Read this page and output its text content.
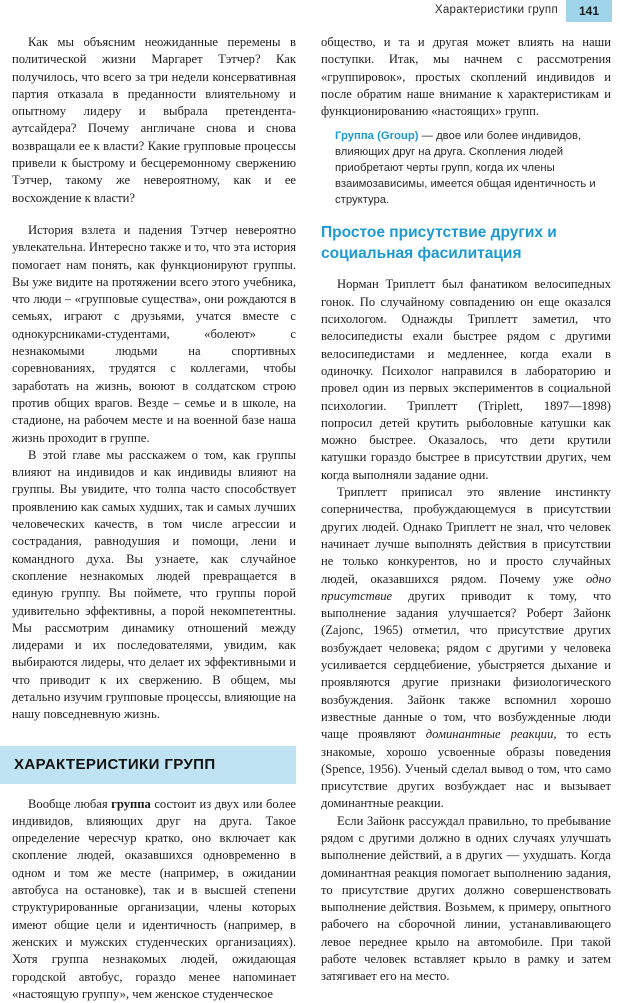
Характеристики групп	141

Как мы объясним неожиданные перемены в политической жизни Маргарет Тэтчер? Как получилось, что всего за три недели консервативная партия отказала в преданности влиятельному и опытному лидеру и выбрала претендента-аутсайдера? Почему англичане снова и снова возвращали ее к власти? Какие групповые процессы привели к быстрому и бесцеремонному свержению Тэтчер, такому же невероятному, как и ее восхождение к власти?

История взлета и падения Тэтчер невероятно увлекательна. Интересно также и то, что эта история помогает нам понять, как функционируют группы. Вы уже видите на протяжении всего этого учебника, что люди – «групповые существа», они рождаются в семьях, играют с друзьями, учатся вместе с однокурсниками-студентами, «болеют» с незнакомыми людьми на спортивных соревнованиях, трудятся с коллегами, чтобы заработать на жизнь, воюют в солдатском строю против общих врагов. Везде – семье и в школе, на стадионе, на рабочем месте и на военной базе наша жизнь проходит в группе.

В этой главе мы расскажем о том, как группы влияют на индивидов и как индивиды влияют на группы. Вы увидите, что толпа часто способствует проявлению как самых худших, так и самых лучших человеческих качеств, в том числе агрессии и сострадания, равнодушия и помощи, лени и командного духа. Вы узнаете, как случайное скопление незнакомых людей превращается в единую группу. Вы поймете, что группы порой удивительно эффективны, а порой некомпетентны. Мы рассмотрим динамику отношений между лидерами и их последователями, увидим, как выбираются лидеры, что делает их эффективными и что приводит к их свержению. В общем, мы детально изучим групповые процессы, влияющие на нашу повседневную жизнь.

ХАРАКТЕРИСТИКИ ГРУПП

Вообще любая группа состоит из двух или более индивидов, влияющих друг на друга. Такое определение чересчур кратко, оно включает как скопление людей, оказавшихся одновременно в одном и том же месте (например, в ожидании автобуса на остановке), так и в высшей степени структурированные организации, члены которых имеют общие цели и идентичность (например, в женских и мужских студенческих организациях). Хотя группа незнакомых людей, ожидающая городской автобус, гораздо менее напоминает «настоящую группу», чем женское студенческое

общество, и та и другая может влиять на наши поступки. Итак, мы начнем с рассмотрения «группировок», простых скоплений индивидов и после обратим наше внимание к характеристикам и функционированию «настоящих» групп.

Группа (Group) — двое или более индивидов, влияющих друг на друга. Скопления людей приобретают черты групп, когда их члены взаимозависимы, имеется общая идентичность и структура.
Простое присутствие других и социальная фасилитация

Норман Триплетт был фанатиком велосипедных гонок. По случайному совпадению он еще оказался психологом. Однажды Триплетт заметил, что велосипедисты ехали быстрее рядом с другими велосипедистами и медленнее, когда ехали в одиночку. Психолог направился в лабораторию и провел один из первых экспериментов в социальной психологии. Триплетт (Triplett, 1897—1898) попросил детей крутить рыболовные катушки как можно быстрее. Оказалось, что дети крутили катушки гораздо быстрее в присутствии других, чем когда выполняли задание одни.

Триплетт приписал это явление инстинкту соперничества, пробуждающемуся в присутствии других людей. Однако Триплетт не знал, что человек начинает лучше выполнять действия в присутствии не только конкурентов, но и просто случайных людей, оказавшихся рядом. Почему уже одно присутствие других приводит к тому, что выполнение задания улучшается? Роберт Зайонк (Zajonc, 1965) отметил, что присутствие других возбуждает человека; рядом с другими у человека усиливается сердцебиение, убыстряется дыхание и проявляются другие признаки физиологического возбуждения. Зайонк также вспомнил хорошо известные данные о том, что возбужденные люди чаще проявляют доминантные реакции, то есть знакомые, хорошо усвоенные образы поведения (Spence, 1956). Ученый сделал вывод о том, что само присутствие других возбуждает нас и вызывает доминантные реакции.

Если Зайонк рассуждал правильно, то пребывание рядом с другими должно в одних случаях улучшать выполнение действий, а в других — ухудшать. Когда доминантная реакция помогает выполнению задания, то присутствие других должно совершенствовать выполнение действия. Возьмем, к примеру, опытного рабочего на сборочной линии, устанавливающего левое переднее крыло на автомобиле. При такой работе человек вставляет крыло в рамку и затем затягивает его на место.
